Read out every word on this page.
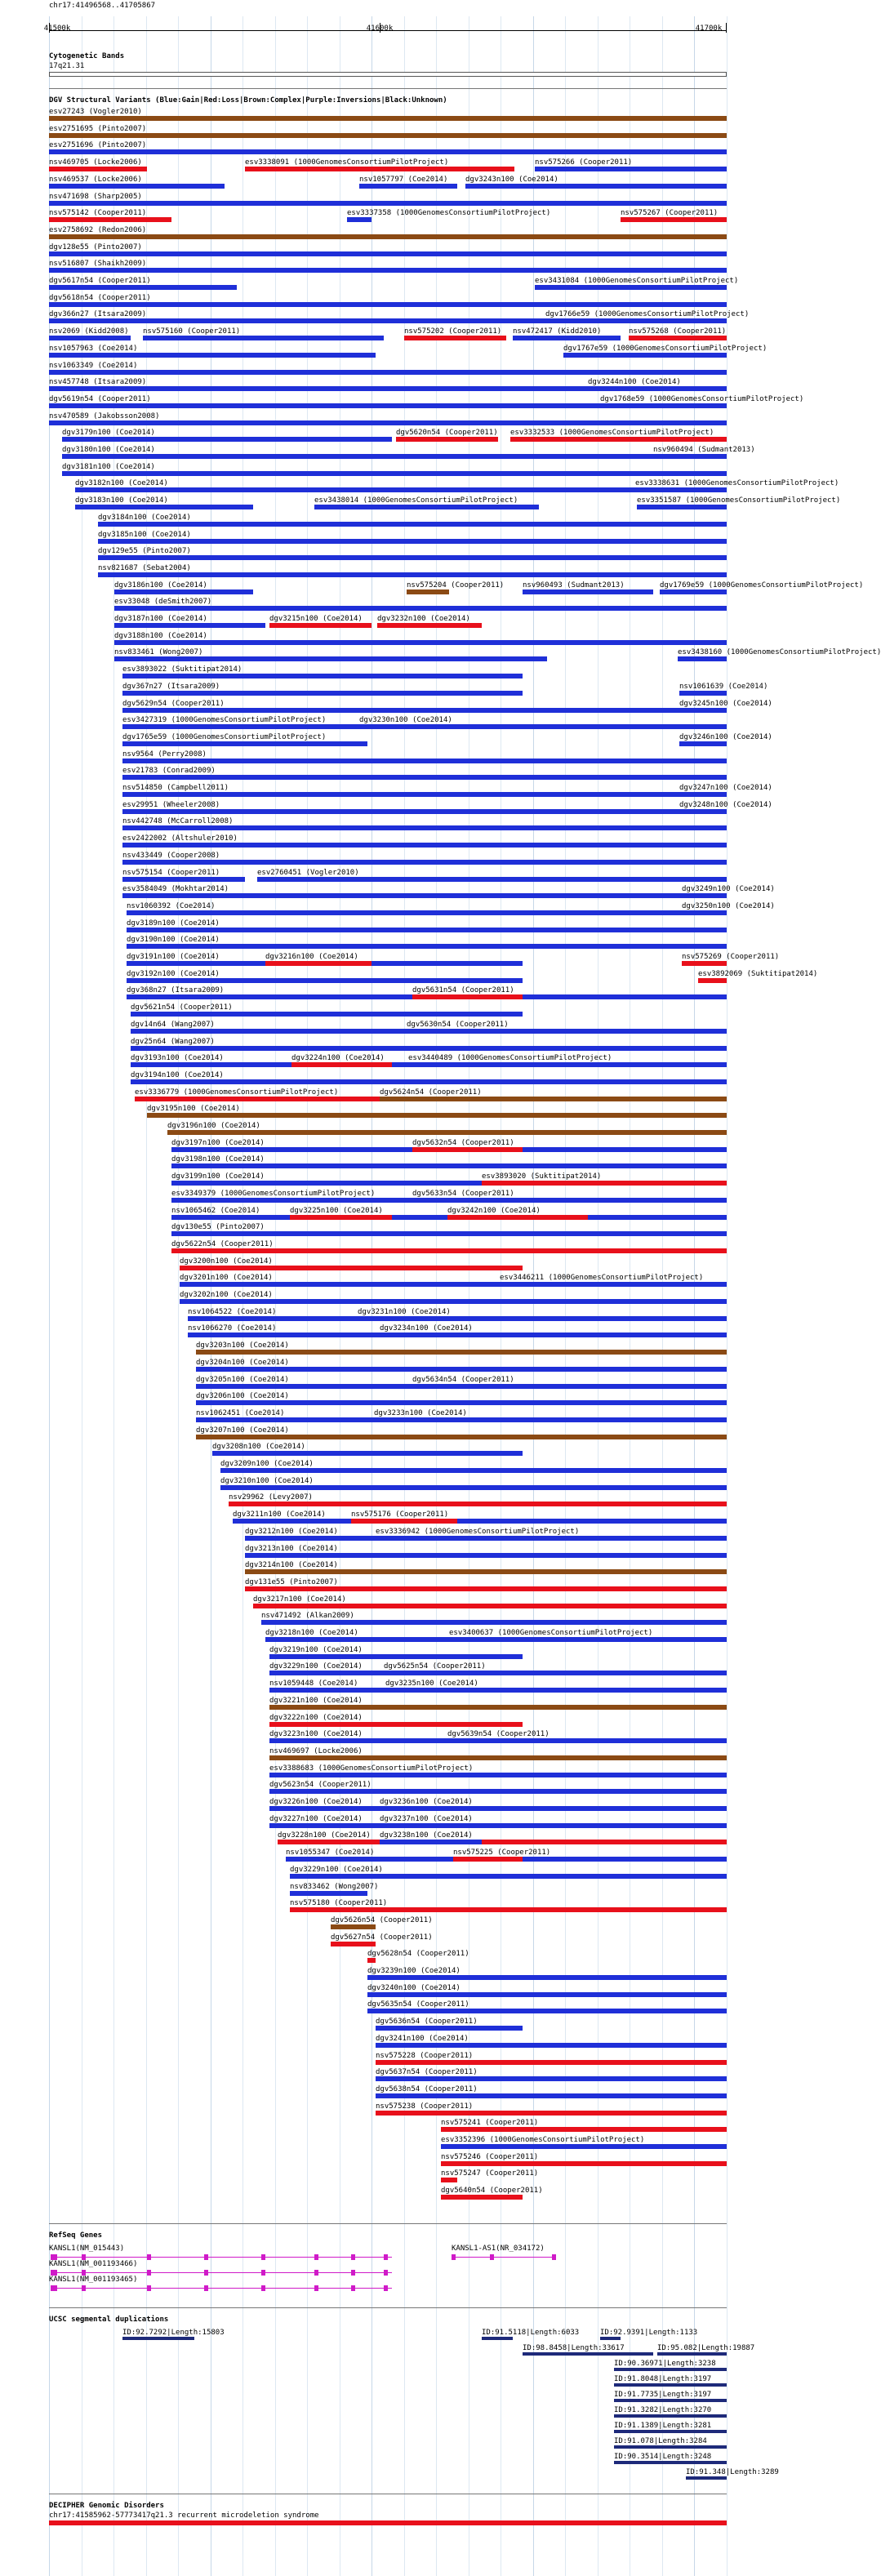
chr17:41496568..41705867
41500k	41600k	41700k
Cytogenetic Bands
17q21.31
DGV Structural Variants (Blue:Gain|Red:Loss|Brown:Complex|Purple:Inversions|Black:Unknown)
esv27243 (Vogler2010)
esv2751695 (Pinto2007)
esv2751696 (Pinto2007)
nsv469705 (Locke2006)	esv3338091 (1000GenomesConsortiumPilotProject)	nsv575266 (Cooper2011)
nsv469537 (Locke2006)	nsv1057797 (Coe2014) dgv3243n100 (Coe2014)
nsv471698 (Sharp2005)
nsv575142 (Cooper2011)	esv3337358 (1000GenomesConsortiumPilotProject)	nsv575267 (Cooper2011)
esv2758692 (Redon2006)
dgv128e55 (Pinto2007)
nsv516807 (Shaikh2009)
dgv5617n54 (Cooper2011)	esv3431084 (1000GenomesConsortiumPilotProject)
dgv5618n54 (Cooper2011)
dgv366n27 (Itsara2009)	dgv1766e59 (1000GenomesConsortiumPilotProject)
nsv2069 (Kidd2008) nsv575160 (Cooper2011)	nsv575202 (Cooper2011) nsv472417 (Kidd2010)	nsv575268 (Cooper2011)
nsv1057963 (Coe2014)	dgv1767e59 (1000GenomesConsortiumPilotProject)
nsv1063349 (Coe2014)
nsv457748 (Itsara2009)	dgv3244n100 (Coe2014)
dgv5619n54 (Cooper2011)	dgv1768e59 (1000GenomesConsortiumPilotProject)
nsv470589 (Jakobsson2008)
dgv3179n100 (Coe2014)	dgv5620n54 (Cooper2011) esv3332533 (1000GenomesConsortiumPilotProject)
dgv3180n100 (Coe2014)	nsv960494 (Sudmant2013)
dgv3181n100 (Coe2014)
dgv3182n100 (Coe2014)	esv3338631 (1000GenomesConsortiumPilotProject)
dgv3183n100 (Coe2014)	esv3438014 (1000GenomesConsortiumPilotProject)	esv3351587 (1000GenomesConsortiumPilotProject)
dgv3184n100 (Coe2014)
dgv3185n100 (Coe2014)
dgv129e55 (Pinto2007)
nsv821687 (Sebat2004)
dgv3186n100 (Coe2014)	nsv575204 (Cooper2011)	nsv960493 (Sudmant2013)	dgv1769e59 (1000GenomesConsortiumPilotProject)
esv33048 (deSmith2007)
dgv3187n100 (Coe2014)	dgv3215n100 (Coe2014) dgv3232n100 (Coe2014)
dgv3188n100 (Coe2014)
nsv833461 (Wong2007)	esv3438160 (1000GenomesConsortiumPilotProject)
esv3893022 (Suktitipat2014)
dgv367n27 (Itsara2009)	nsv1061639 (Coe2014)
dgv5629n54 (Cooper2011)	dgv3245n100 (Coe2014)
esv3427319 (1000GenomesConsortiumPilotProject)	dgv3230n100 (Coe2014)
dgv1765e59 (1000GenomesConsortiumPilotProject)	dgv3246n100 (Coe2014)
nsv9564 (Perry2008)
esv21783 (Conrad2009)
nsv514850 (Campbell2011)	dgv3247n100 (Coe2014)
esv29951 (Wheeler2008)	dgv3248n100 (Coe2014)
nsv442748 (McCarroll2008)
esv2422002 (Altshuler2010)
nsv433449 (Cooper2008)
nsv575154 (Cooper2011)	esv2760451 (Vogler2010)
esv3584049 (Mokhtar2014)	dgv3249n100 (Coe2014)
nsv1060392 (Coe2014)	dgv3250n100 (Coe2014)
dgv3189n100 (Coe2014)
dgv3190n100 (Coe2014)
dgv3191n100 (Coe2014)	dgv3216n100 (Coe2014)	nsv575269 (Cooper2011)
dgv3192n100 (Coe2014)	esv3892069 (Suktitipat2014)
dgv368n27 (Itsara2009)	dgv5631n54 (Cooper2011)
dgv5621n54 (Cooper2011)
dgv14n64 (Wang2007)	dgv5630n54 (Cooper2011)
dgv25n64 (Wang2007)
dgv3193n100 (Coe2014)	dgv3224n100 (Coe2014)	esv3440489 (1000GenomesConsortiumPilotProject)
dgv3194n100 (Coe2014)
esv3336779 (1000GenomesConsortiumPilotProject)	dgv5624n54 (Cooper2011)
dgv3195n100 (Coe2014)
dgv3196n100 (Coe2014)
dgv3197n100 (Coe2014)	dgv5632n54 (Cooper2011)
dgv3198n100 (Coe2014)
dgv3199n100 (Coe2014)	esv3893020 (Suktitipat2014)
esv3349379 (1000GenomesConsortiumPilotProject)	dgv5633n54 (Cooper2011)
nsv1065462 (Coe2014)	dgv3225n100 (Coe2014)	dgv3242n100 (Coe2014)
dgv130e55 (Pinto2007)
dgv5622n54 (Cooper2011)
dgv3200n100 (Coe2014)
dgv3201n100 (Coe2014)	esv3446211 (1000GenomesConsortiumPilotProject)
dgv3202n100 (Coe2014)
nsv1064522 (Coe2014)	dgv3231n100 (Coe2014)
nsv1066270 (Coe2014)	dgv3234n100 (Coe2014)
dgv3203n100 (Coe2014)
dgv3204n100 (Coe2014)
dgv3205n100 (Coe2014)	dgv5634n54 (Cooper2011)
dgv3206n100 (Coe2014)
nsv1062451 (Coe2014)	dgv3233n100 (Coe2014)
dgv3207n100 (Coe2014)
dgv3208n100 (Coe2014)
dgv3209n100 (Coe2014)
dgv3210n100 (Coe2014)
nsv29962 (Levy2007)
dgv3211n100 (Coe2014)	nsv575176 (Cooper2011)
dgv3212n100 (Coe2014)	esv3336942 (1000GenomesConsortiumPilotProject)
dgv3213n100 (Coe2014)
dgv3214n100 (Coe2014)
dgv131e55 (Pinto2007)
dgv3217n100 (Coe2014)
nsv471492 (Alkan2009)
dgv3218n100 (Coe2014)	esv3400637 (1000GenomesConsortiumPilotProject)
dgv3219n100 (Coe2014)
dgv3229n100 (Coe2014)	dgv5625n54 (Cooper2011)
nsv1059448 (Coe2014)	dgv3235n100 (Coe2014)
dgv3221n100 (Coe2014)
dgv3222n100 (Coe2014)
dgv3223n100 (Coe2014)	dgv5639n54 (Cooper2011)
nsv469697 (Locke2006)
esv3388683 (1000GenomesConsortiumPilotProject)
dgv5623n54 (Cooper2011)
dgv3226n100 (Coe2014) dgv3236n100 (Coe2014)
dgv3227n100 (Coe2014) dgv3237n100 (Coe2014)
dgv3228n100 (Coe2014) dgv3238n100 (Coe2014)
nsv1055347 (Coe2014)	nsv575225 (Cooper2011)
dgv3229n100 (Coe2014)
nsv833462 (Wong2007)
nsv575180 (Cooper2011)
dgv5626n54 (Cooper2011)
dgv5627n54 (Cooper2011)
dgv5628n54 (Cooper2011)
dgv3239n100 (Coe2014)
dgv3240n100 (Coe2014)
dgv5635n54 (Cooper2011)
dgv5636n54 (Cooper2011)
dgv3241n100 (Coe2014)
nsv575228 (Cooper2011)
dgv5637n54 (Cooper2011)
dgv5638n54 (Cooper2011)
nsv575238 (Cooper2011)
nsv575241 (Cooper2011)
esv3352396 (1000GenomesConsortiumPilotProject)
nsv575246 (Cooper2011)
nsv575247 (Cooper2011)
dgv5640n54 (Cooper2011)
RefSeq Genes
KANSL1(NM_015443)	KANSL1-AS1(NR_034172)
KANSL1(NM_001193466)
KANSL1(NM_001193465)
UCSC segmental duplications
ID:92.7292|Length:15803	ID:91.5118|Length:6033	ID:92.9391|Length:1133
ID:98.8458|Length:33617	ID:95.082|Length:19887
ID:90.36971|Length:3238
ID:91.8048|Length:3197
ID:91.7735|Length:3197
ID:91.3282|Length:3270
ID:91.1389|Length:3281
ID:91.078|Length:3284
ID:90.3514|Length:3248
ID:91.348|Length:3289
DECIPHER Genomic Disorders
chr17:41585962-57773417q21.3 recurrent microdeletion syndrome
